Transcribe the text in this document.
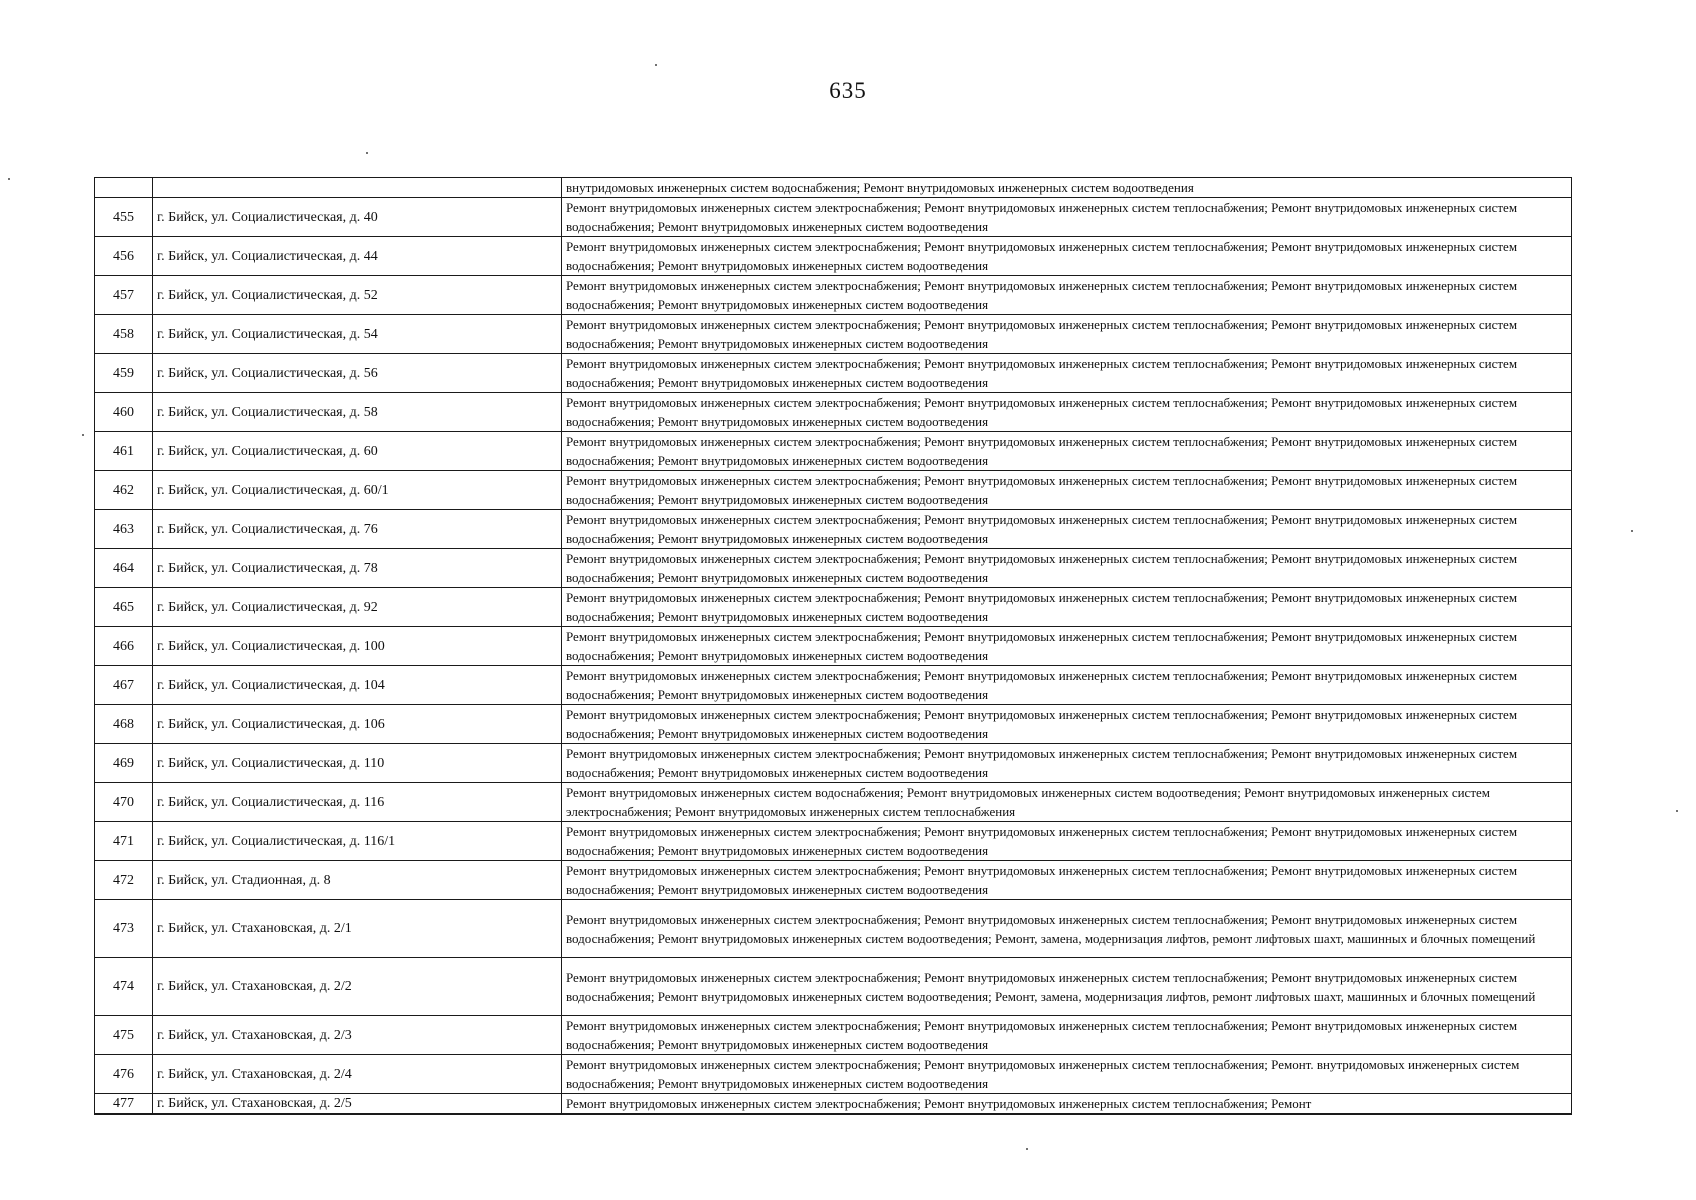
635
		внутридомовых инженерных систем водоснабжения; Ремонт внутридомовых инженерных систем водоотведения
455	г. Бийск, ул. Социалистическая, д. 40	Ремонт внутридомовых инженерных систем электроснабжения; Ремонт внутридомовых инженерных систем теплоснабжения; Ремонт внутридомовых инженерных систем водоснабжения; Ремонт внутридомовых инженерных систем водоотведения
456	г. Бийск, ул. Социалистическая, д. 44	Ремонт внутридомовых инженерных систем электроснабжения; Ремонт внутридомовых инженерных систем теплоснабжения; Ремонт внутридомовых инженерных систем водоснабжения; Ремонт внутридомовых инженерных систем водоотведения
457	г. Бийск, ул. Социалистическая, д. 52	Ремонт внутридомовых инженерных систем электроснабжения; Ремонт внутридомовых инженерных систем теплоснабжения; Ремонт внутридомовых инженерных систем водоснабжения; Ремонт внутридомовых инженерных систем водоотведения
458	г. Бийск, ул. Социалистическая, д. 54	Ремонт внутридомовых инженерных систем электроснабжения; Ремонт внутридомовых инженерных систем теплоснабжения; Ремонт внутридомовых инженерных систем водоснабжения; Ремонт внутридомовых инженерных систем водоотведения
459	г. Бийск, ул. Социалистическая, д. 56	Ремонт внутридомовых инженерных систем электроснабжения; Ремонт внутридомовых инженерных систем теплоснабжения; Ремонт внутридомовых инженерных систем водоснабжения; Ремонт внутридомовых инженерных систем водоотведения
460	г. Бийск, ул. Социалистическая, д. 58	Ремонт внутридомовых инженерных систем электроснабжения; Ремонт внутридомовых инженерных систем теплоснабжения; Ремонт внутридомовых инженерных систем водоснабжения; Ремонт внутридомовых инженерных систем водоотведения
461	г. Бийск, ул. Социалистическая, д. 60	Ремонт внутридомовых инженерных систем электроснабжения; Ремонт внутридомовых инженерных систем теплоснабжения; Ремонт внутридомовых инженерных систем водоснабжения; Ремонт внутридомовых инженерных систем водоотведения
462	г. Бийск, ул. Социалистическая, д. 60/1	Ремонт внутридомовых инженерных систем электроснабжения; Ремонт внутридомовых инженерных систем теплоснабжения; Ремонт внутридомовых инженерных систем водоснабжения; Ремонт внутридомовых инженерных систем водоотведения
463	г. Бийск, ул. Социалистическая, д. 76	Ремонт внутридомовых инженерных систем электроснабжения; Ремонт внутридомовых инженерных систем теплоснабжения; Ремонт внутридомовых инженерных систем водоснабжения; Ремонт внутридомовых инженерных систем водоотведения
464	г. Бийск, ул. Социалистическая, д. 78	Ремонт внутридомовых инженерных систем электроснабжения; Ремонт внутридомовых инженерных систем теплоснабжения; Ремонт внутридомовых инженерных систем водоснабжения; Ремонт внутридомовых инженерных систем водоотведения
465	г. Бийск, ул. Социалистическая, д. 92	Ремонт внутридомовых инженерных систем электроснабжения; Ремонт внутридомовых инженерных систем теплоснабжения; Ремонт внутридомовых инженерных систем водоснабжения; Ремонт внутридомовых инженерных систем водоотведения
466	г. Бийск, ул. Социалистическая, д. 100	Ремонт внутридомовых инженерных систем электроснабжения; Ремонт внутридомовых инженерных систем теплоснабжения; Ремонт внутридомовых инженерных систем водоснабжения; Ремонт внутридомовых инженерных систем водоотведения
467	г. Бийск, ул. Социалистическая, д. 104	Ремонт внутридомовых инженерных систем электроснабжения; Ремонт внутридомовых инженерных систем теплоснабжения; Ремонт внутридомовых инженерных систем водоснабжения; Ремонт внутридомовых инженерных систем водоотведения
468	г. Бийск, ул. Социалистическая, д. 106	Ремонт внутридомовых инженерных систем электроснабжения; Ремонт внутридомовых инженерных систем теплоснабжения; Ремонт внутридомовых инженерных систем водоснабжения; Ремонт внутридомовых инженерных систем водоотведения
469	г. Бийск, ул. Социалистическая, д. 110	Ремонт внутридомовых инженерных систем электроснабжения; Ремонт внутридомовых инженерных систем теплоснабжения; Ремонт внутридомовых инженерных систем водоснабжения; Ремонт внутридомовых инженерных систем водоотведения
470	г. Бийск, ул. Социалистическая, д. 116	Ремонт внутридомовых инженерных систем водоснабжения; Ремонт внутридомовых инженерных систем водоотведения; Ремонт внутридомовых инженерных систем электроснабжения; Ремонт внутридомовых инженерных систем теплоснабжения
471	г. Бийск, ул. Социалистическая, д. 116/1	Ремонт внутридомовых инженерных систем электроснабжения; Ремонт внутридомовых инженерных систем теплоснабжения; Ремонт внутридомовых инженерных систем водоснабжения; Ремонт внутридомовых инженерных систем водоотведения
472	г. Бийск, ул. Стадионная, д. 8	Ремонт внутридомовых инженерных систем электроснабжения; Ремонт внутридомовых инженерных систем теплоснабжения; Ремонт внутридомовых инженерных систем водоснабжения; Ремонт внутридомовых инженерных систем водоотведения
473	г. Бийск, ул. Стахановская, д. 2/1	Ремонт внутридомовых инженерных систем электроснабжения; Ремонт внутридомовых инженерных систем теплоснабжения; Ремонт внутридомовых инженерных систем водоснабжения; Ремонт внутридомовых инженерных систем водоотведения; Ремонт, замена, модернизация лифтов, ремонт лифтовых шахт, машинных и блочных помещений
474	г. Бийск, ул. Стахановская, д. 2/2	Ремонт внутридомовых инженерных систем электроснабжения; Ремонт внутридомовых инженерных систем теплоснабжения; Ремонт внутридомовых инженерных систем водоснабжения; Ремонт внутридомовых инженерных систем водоотведения; Ремонт, замена, модернизация лифтов, ремонт лифтовых шахт, машинных и блочных помещений
475	г. Бийск, ул. Стахановская, д. 2/3	Ремонт внутридомовых инженерных систем электроснабжения; Ремонт внутридомовых инженерных систем теплоснабжения; Ремонт внутридомовых инженерных систем водоснабжения; Ремонт внутридомовых инженерных систем водоотведения
476	г. Бийск, ул. Стахановская, д. 2/4	Ремонт внутридомовых инженерных систем электроснабжения; Ремонт внутридомовых инженерных систем теплоснабжения; Ремонт. внутридомовых инженерных систем водоснабжения; Ремонт внутридомовых инженерных систем водоотведения
477	г. Бийск, ул. Стахановская, д. 2/5	Ремонт внутридомовых инженерных систем электроснабжения; Ремонт внутридомовых инженерных систем теплоснабжения; Ремонт
